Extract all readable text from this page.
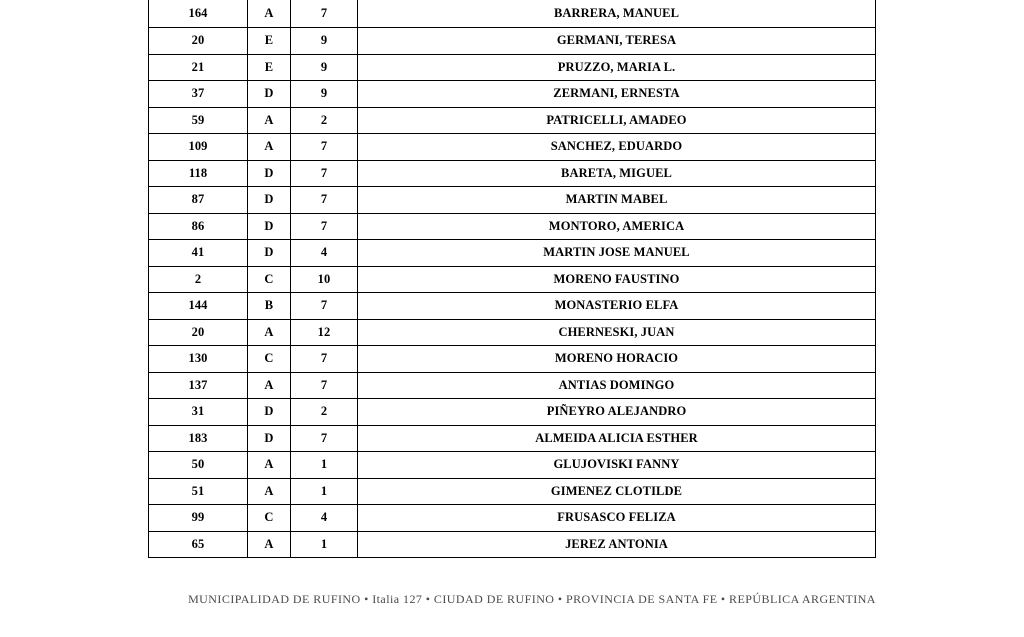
164	A	7	BARRERA, MANUEL
20	E	9	GERMANI, TERESA
21	E	9	PRUZZO, MARIA L.
37	D	9	ZERMANI, ERNESTA
59	A	2	PATRICELLI, AMADEO
109	A	7	SANCHEZ, EDUARDO
118	D	7	BARETA, MIGUEL
87	D	7	MARTIN MABEL
86	D	7	MONTORO, AMERICA
41	D	4	MARTIN JOSE MANUEL
2	C	10	MORENO FAUSTINO
144	B	7	MONASTERIO ELFA
20	A	12	CHERNESKI, JUAN
130	C	7	MORENO HORACIO
137	A	7	ANTIAS DOMINGO
31	D	2	PIÑEYRO ALEJANDRO
183	D	7	ALMEIDA ALICIA ESTHER
50	A	1	GLUJOVISKI FANNY
51	A	1	GIMENEZ CLOTILDE
99	C	4	FRUSASCO FELIZA
65	A	1	JEREZ ANTONIA
MUNICIPALIDAD DE RUFINO • Italia 127 • CIUDAD DE RUFINO • PROVINCIA DE SANTA FE • REPÚBLICA ARGENTINA
